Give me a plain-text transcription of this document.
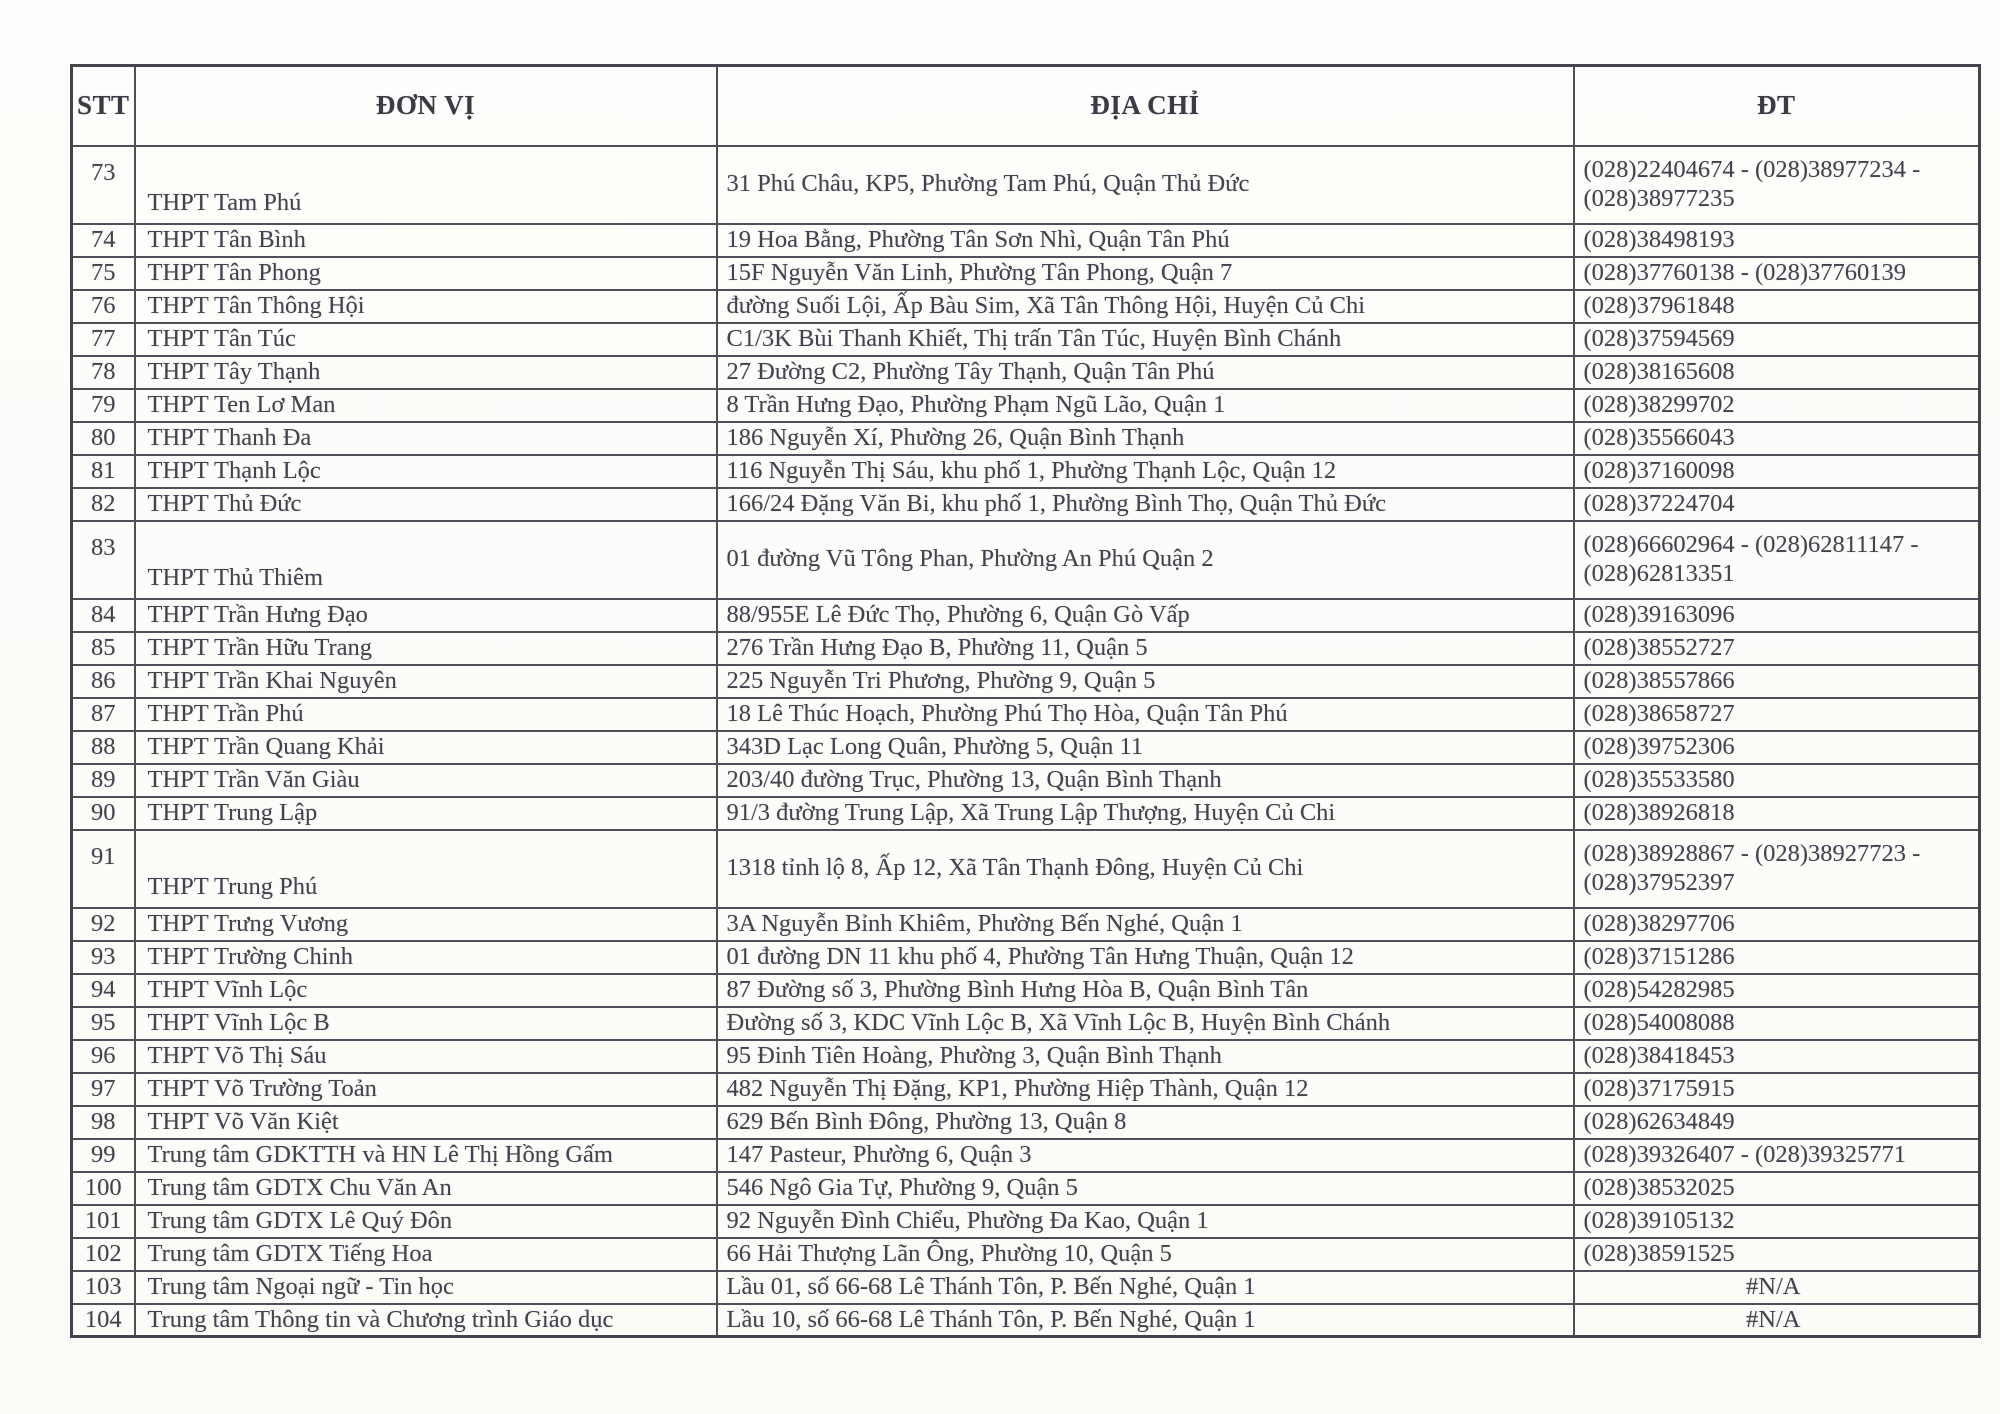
STT	ĐƠN VỊ	ĐỊA CHỈ	ĐT
73	THPT Tam Phú	31 Phú Châu, KP5, Phường Tam Phú, Quận Thủ Đức	(028)22404674 - (028)38977234 - (028)38977235
74	THPT Tân Bình	19 Hoa Bằng, Phường Tân Sơn Nhì, Quận Tân Phú	(028)38498193
75	THPT Tân Phong	15F Nguyễn Văn Linh, Phường Tân Phong, Quận 7	(028)37760138 - (028)37760139
76	THPT Tân Thông Hội	đường Suối Lội, Ấp Bàu Sim, Xã Tân Thông Hội, Huyện Củ Chi	(028)37961848
77	THPT Tân Túc	C1/3K Bùi Thanh Khiết, Thị trấn Tân Túc, Huyện Bình Chánh	(028)37594569
78	THPT Tây Thạnh	27 Đường C2, Phường Tây Thạnh, Quận Tân Phú	(028)38165608
79	THPT Ten Lơ Man	8 Trần Hưng Đạo, Phường Phạm Ngũ Lão, Quận 1	(028)38299702
80	THPT Thanh Đa	186 Nguyễn Xí, Phường 26, Quận Bình Thạnh	(028)35566043
81	THPT Thạnh Lộc	116 Nguyễn Thị Sáu, khu phố 1, Phường Thạnh Lộc, Quận 12	(028)37160098
82	THPT Thủ Đức	166/24 Đặng Văn Bi, khu phố 1, Phường Bình Thọ, Quận Thủ Đức	(028)37224704
83	THPT Thủ Thiêm	01 đường Vũ Tông Phan, Phường An Phú Quận 2	(028)66602964 - (028)62811147 - (028)62813351
84	THPT Trần Hưng Đạo	88/955E Lê Đức Thọ, Phường 6, Quận Gò Vấp	(028)39163096
85	THPT Trần Hữu Trang	276 Trần Hưng Đạo B, Phường 11, Quận 5	(028)38552727
86	THPT Trần Khai Nguyên	225 Nguyễn Tri Phương, Phường 9, Quận 5	(028)38557866
87	THPT Trần Phú	18 Lê Thúc Hoạch, Phường Phú Thọ Hòa, Quận Tân Phú	(028)38658727
88	THPT Trần Quang Khải	343D Lạc Long Quân, Phường 5, Quận 11	(028)39752306
89	THPT Trần Văn Giàu	203/40 đường Trục, Phường 13, Quận Bình Thạnh	(028)35533580
90	THPT Trung Lập	91/3 đường Trung Lập, Xã Trung Lập Thượng, Huyện Củ Chi	(028)38926818
91	THPT Trung Phú	1318 tỉnh lộ 8, Ấp 12, Xã Tân Thạnh Đông, Huyện Củ Chi	(028)38928867 - (028)38927723 - (028)37952397
92	THPT Trưng Vương	3A Nguyễn Bỉnh Khiêm, Phường Bến Nghé, Quận 1	(028)38297706
93	THPT Trường Chinh	01 đường DN 11 khu phố 4, Phường Tân Hưng Thuận, Quận 12	(028)37151286
94	THPT Vĩnh Lộc	87 Đường số 3, Phường Bình Hưng Hòa B, Quận Bình Tân	(028)54282985
95	THPT Vĩnh Lộc B	Đường số 3, KDC Vĩnh Lộc B, Xã Vĩnh Lộc B, Huyện Bình Chánh	(028)54008088
96	THPT Võ Thị Sáu	95 Đinh Tiên Hoàng, Phường 3, Quận Bình Thạnh	(028)38418453
97	THPT Võ Trường Toản	482 Nguyễn Thị Đặng, KP1, Phường Hiệp Thành, Quận 12	(028)37175915
98	THPT Võ Văn Kiệt	629 Bến Bình Đông, Phường 13, Quận 8	(028)62634849
99	Trung tâm GDKTTH và HN Lê Thị Hồng Gấm	147 Pasteur, Phường 6, Quận 3	(028)39326407 - (028)39325771
100	Trung tâm GDTX Chu Văn An	546 Ngô Gia Tự, Phường 9, Quận 5	(028)38532025
101	Trung tâm GDTX Lê Quý Đôn	92 Nguyễn Đình Chiểu, Phường Đa Kao, Quận 1	(028)39105132
102	Trung tâm GDTX Tiếng Hoa	66 Hải Thượng Lãn Ông, Phường 10, Quận 5	(028)38591525
103	Trung tâm Ngoại ngữ - Tin học	Lầu 01, số 66-68 Lê Thánh Tôn, P. Bến Nghé, Quận 1	#N/A
104	Trung tâm Thông tin và Chương trình Giáo dục	Lầu 10, số 66-68 Lê Thánh Tôn, P. Bến Nghé, Quận 1	#N/A
